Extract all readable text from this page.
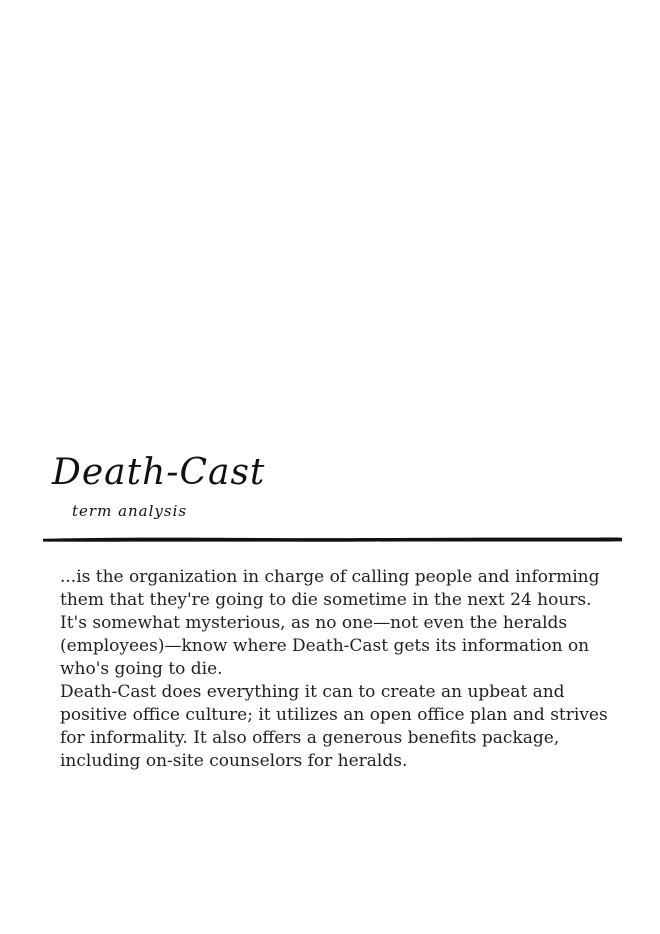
Death-Cast
term analysis

...is the organization in charge of calling people and informing them that they're going to die sometime in the next 24 hours. It's somewhat mysterious, as no one—not even the heralds (employees)—know where Death-Cast gets its information on who's going to die.

Death-Cast does everything it can to create an upbeat and positive office culture; it utilizes an open office plan and strives for informality. It also offers a generous benefits package, including on-site counselors for heralds.
